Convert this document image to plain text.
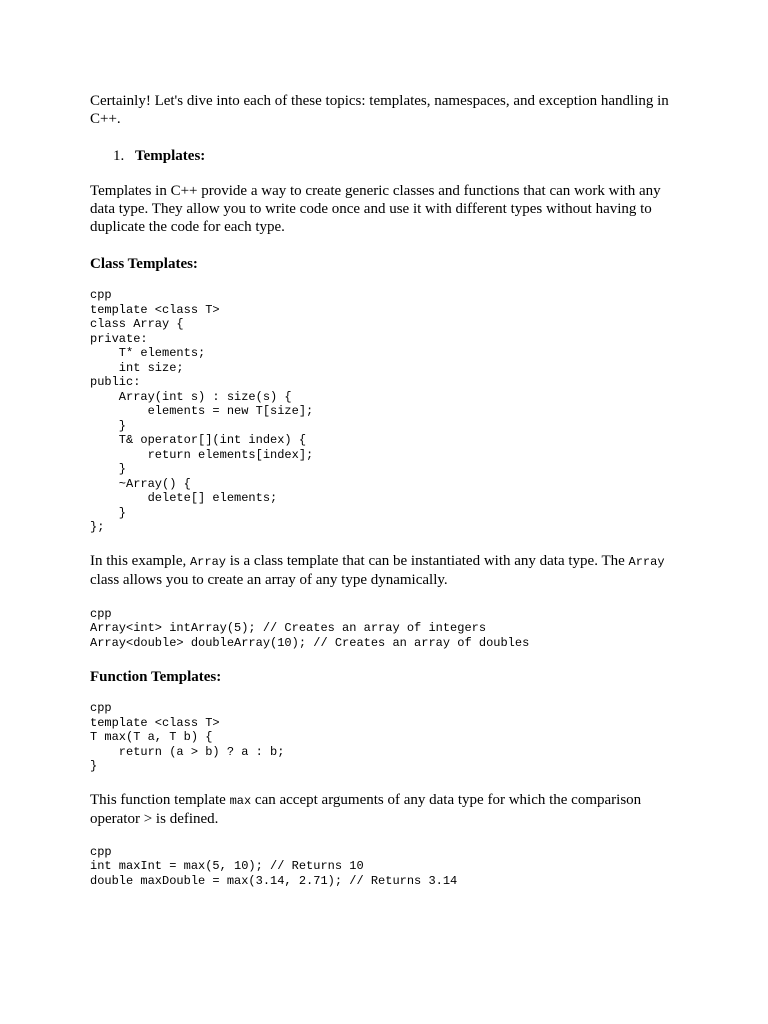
Certainly! Let's dive into each of these topics: templates, namespaces, and exception handling in C++.

1. Templates:

Templates in C++ provide a way to create generic classes and functions that can work with any data type. They allow you to write code once and use it with different types without having to duplicate the code for each type.

Class Templates:
cpp
template <class T>
class Array {
private:
T* elements;
int size;
public:
Array(int s) : size(s) {
elements = new T[size];
}
T& operator[](int index) {
return elements[index];
}
~Array() {
delete[] elements;
}
};

In this example, Array is a class template that can be instantiated with any data type. The Array class allows you to create an array of any type dynamically.

cpp
Array<int> intArray(5); // Creates an array of integers
Array<double> doubleArray(10); // Creates an array of doubles
Function Templates:
cpp
template <class T>
T max(T a, T b) {
return (a > b) ? a : b;
}

This function template max can accept arguments of any data type for which the comparison operator > is defined.

cpp
int maxInt = max(5, 10); // Returns 10
double maxDouble = max(3.14, 2.71); // Returns 3.14
